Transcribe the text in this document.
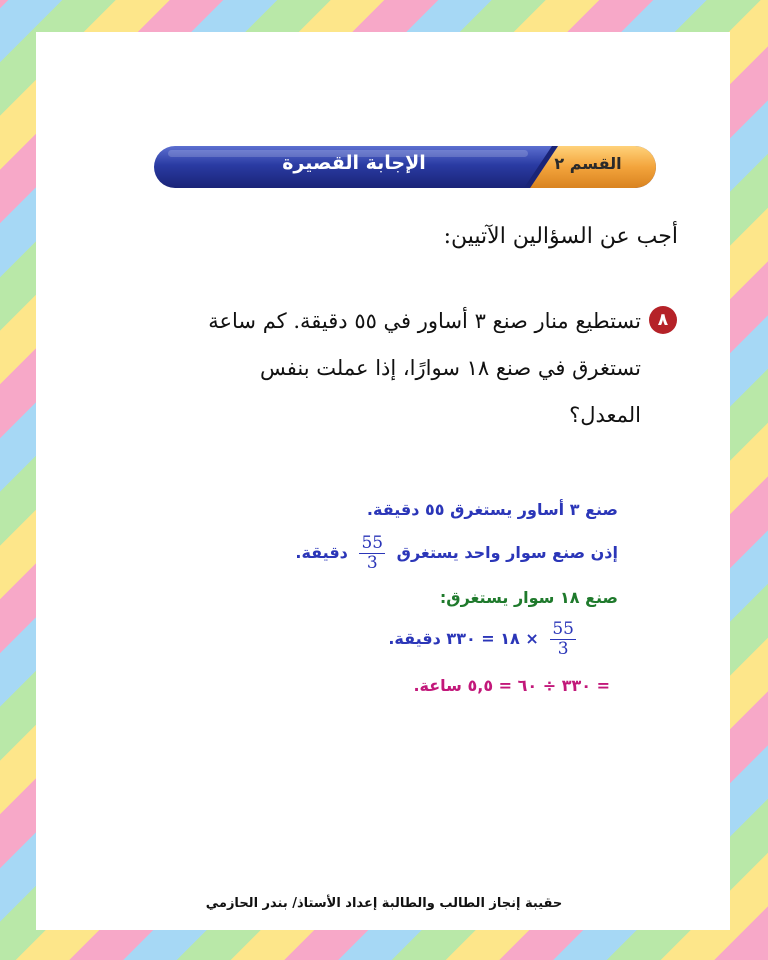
الإجابة القصيرة	القسم ٢
أجب عن السؤالين الآتيين:
٨
تستطيع منار صنع ٣ أساور في ٥٥ دقيقة. كم ساعة تستغرق في صنع ١٨ سوارًا، إذا عملت بنفس المعدل؟
صنع ٣ أساور يستغرق ٥٥ دقيقة.
إذن صنع سوار واحد يستغرق
$\frac{55}{3}$
دقيقة.
صنع ١٨ سوار يستغرق:
$\frac{55}{3}$
× ١٨ = ٣٣٠ دقيقة.
= ٣٣٠ ÷ ٦٠ = ٥,٥ ساعة.
حقيبة إنجاز الطالب والطالبة إعداد الأستاذ/ بندر الحازمي
